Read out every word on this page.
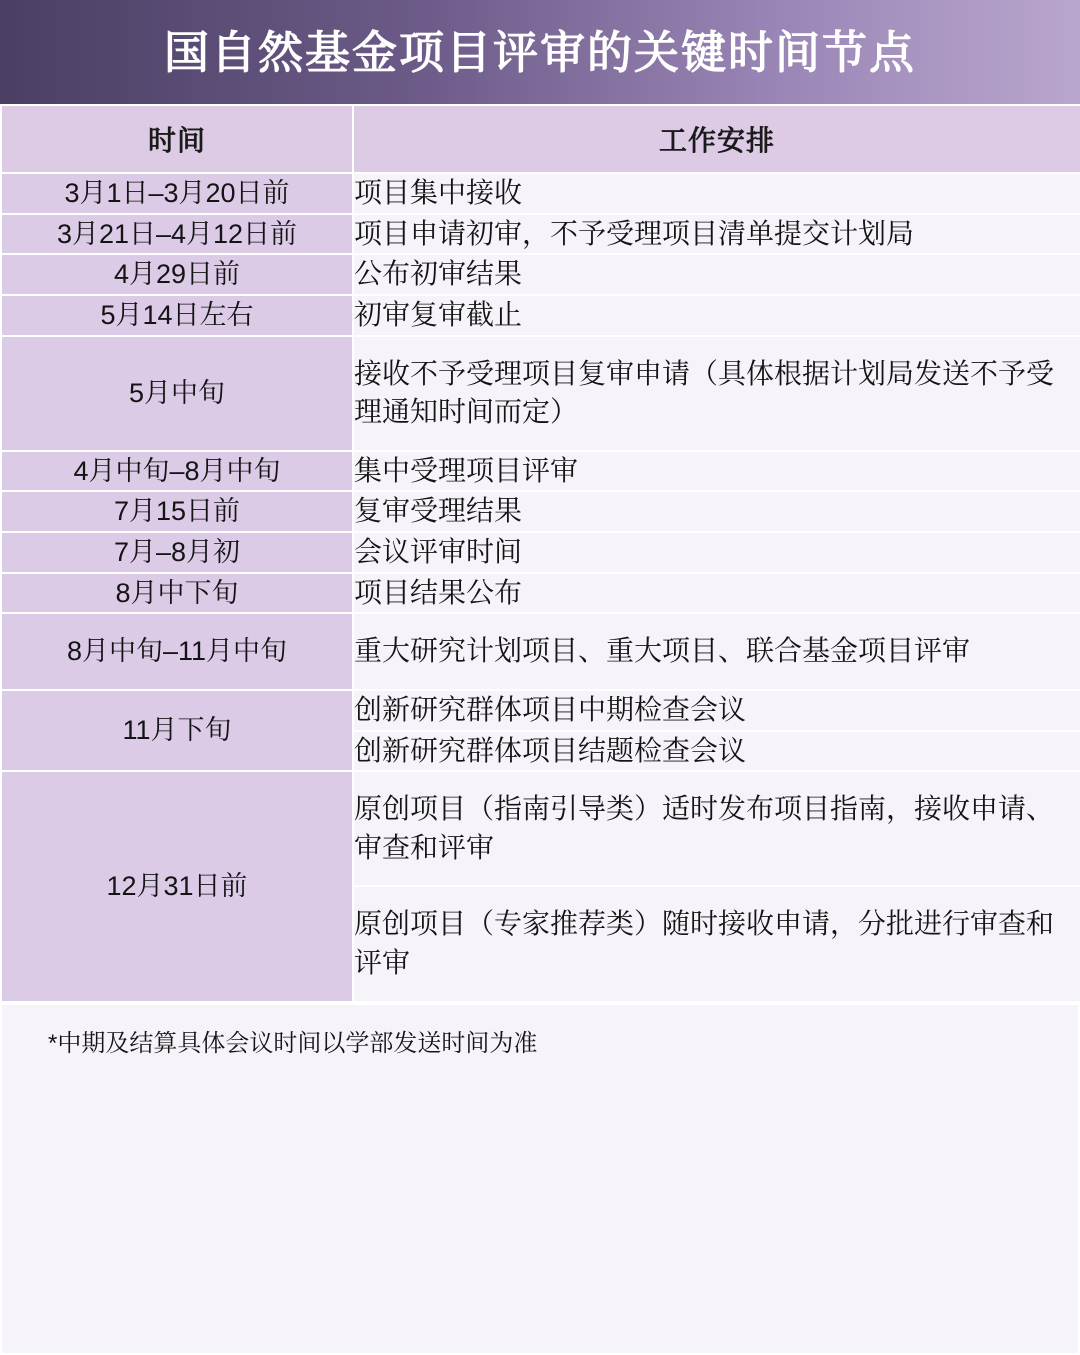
国自然基金项目评审的关键时间节点
时间	工作安排
3月1日–3月20日前	项目集中接收
3月21日–4月12日前	项目申请初审，不予受理项目清单提交计划局
4月29日前	公布初审结果
5月14日左右	初审复审截止
5月中旬	接收不予受理项目复审申请（具体根据计划局发送不予受理通知时间而定）
4月中旬–8月中旬	集中受理项目评审
7月15日前	复审受理结果
7月–8月初	会议评审时间
8月中下旬	项目结果公布
8月中旬–11月中旬	重大研究计划项目、重大项目、联合基金项目评审
11月下旬	创新研究群体项目中期检查会议
	创新研究群体项目结题检查会议
12月31日前	原创项目（指南引导类）适时发布项目指南，接收申请、审查和评审
	原创项目（专家推荐类）随时接收申请，分批进行审查和评审
*中期及结算具体会议时间以学部发送时间为准
